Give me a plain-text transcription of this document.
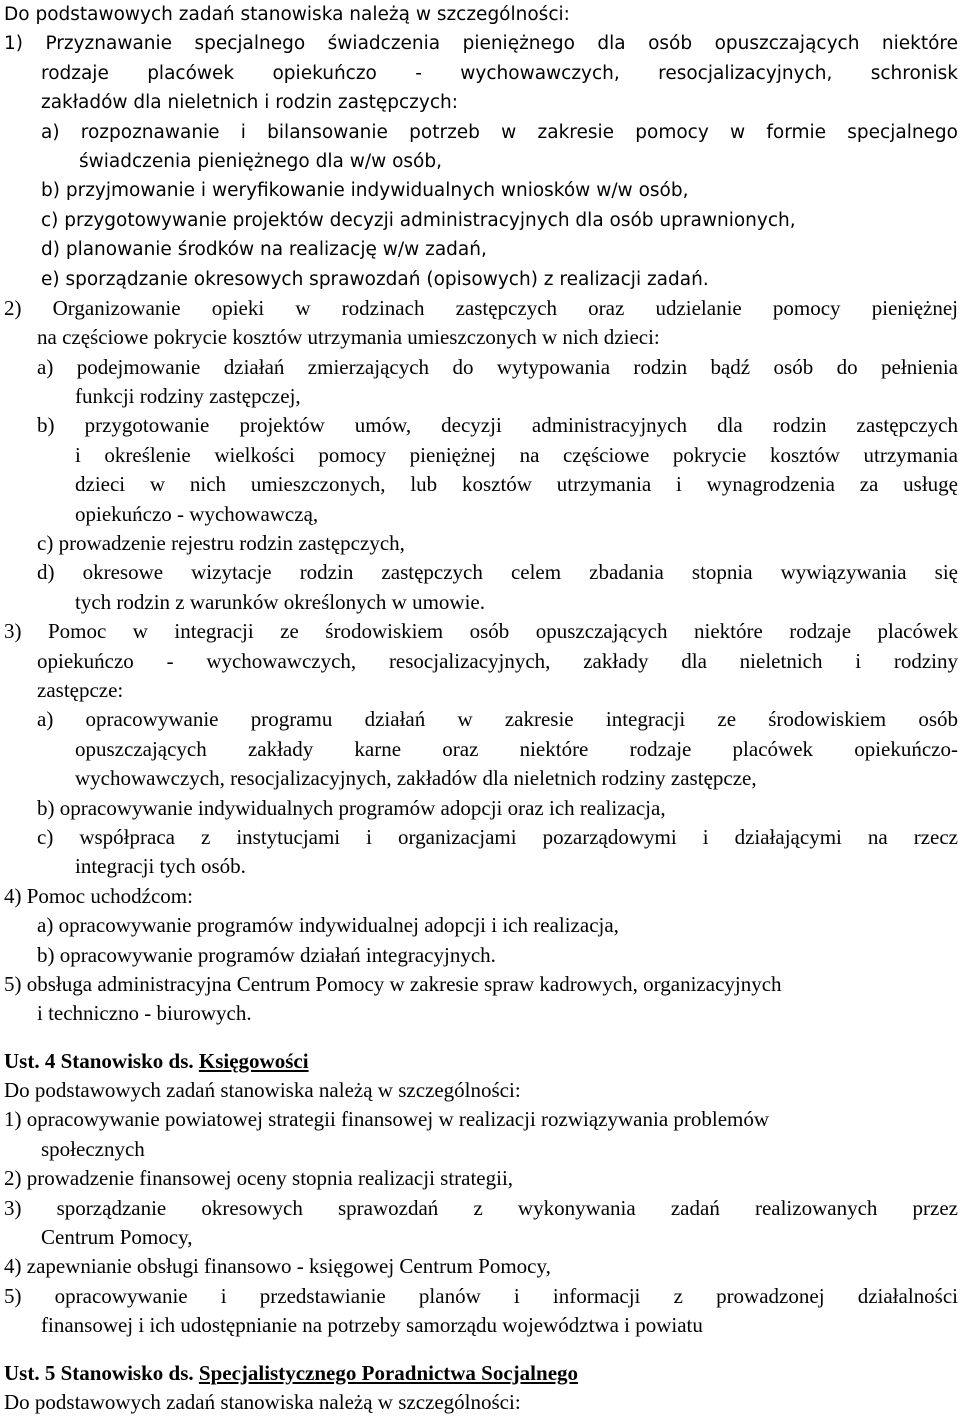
Do podstawowych zadań stanowiska należą w szczególności:
1) Przyznawanie specjalnego świadczenia pieniężnego dla osób opuszczających niektóre
rodzaje placówek opiekuńczo - wychowawczych, resocjalizacyjnych, schronisk
zakładów dla nieletnich i rodzin zastępczych:
a) rozpoznawanie i bilansowanie potrzeb w zakresie pomocy w formie specjalnego
świadczenia pieniężnego dla w/w osób,
b) przyjmowanie i weryfikowanie indywidualnych wniosków w/w osób,
c) przygotowywanie projektów decyzji administracyjnych dla osób uprawnionych,
d) planowanie środków na realizację w/w zadań,
e) sporządzanie okresowych sprawozdań (opisowych) z realizacji zadań.
2) Organizowanie opieki w rodzinach zastępczych oraz udzielanie pomocy pieniężnej
na częściowe pokrycie kosztów utrzymania umieszczonych w nich dzieci:
a) podejmowanie działań zmierzających do wytypowania rodzin bądź osób do pełnienia
funkcji rodziny zastępczej,
b) przygotowanie projektów umów, decyzji administracyjnych dla rodzin zastępczych
i określenie wielkości pomocy pieniężnej na częściowe pokrycie kosztów utrzymania
dzieci w nich umieszczonych, lub kosztów utrzymania i wynagrodzenia za usługę
opiekuńczo - wychowawczą,
c) prowadzenie rejestru rodzin zastępczych,
d) okresowe wizytacje rodzin zastępczych celem zbadania stopnia wywiązywania się
tych rodzin z warunków określonych w umowie.
3) Pomoc w integracji ze środowiskiem osób opuszczających niektóre rodzaje placówek
opiekuńczo - wychowawczych, resocjalizacyjnych, zakłady dla nieletnich i rodziny
zastępcze:
a) opracowywanie programu działań w zakresie integracji ze środowiskiem osób
opuszczających zakłady karne oraz niektóre rodzaje placówek opiekuńczo-
wychowawczych, resocjalizacyjnych, zakładów dla nieletnich rodziny zastępcze,
b) opracowywanie indywidualnych programów adopcji oraz ich realizacja,
c) współpraca z instytucjami i organizacjami pozarządowymi i działającymi na rzecz
integracji tych osób.
4) Pomoc uchodźcom:
a) opracowywanie programów indywidualnej adopcji i ich realizacja,
b) opracowywanie programów działań integracyjnych.
5) obsługa administracyjna Centrum Pomocy w zakresie spraw kadrowych, organizacyjnych
i techniczno - biurowych.
Ust. 4 Stanowisko ds. Księgowości
Do podstawowych zadań stanowiska należą w szczególności:
1) opracowywanie powiatowej strategii finansowej w realizacji rozwiązywania problemów
społecznych
2) prowadzenie finansowej oceny stopnia realizacji strategii,
3) sporządzanie okresowych sprawozdań z wykonywania zadań realizowanych przez
Centrum Pomocy,
4) zapewnianie obsługi finansowo - księgowej Centrum Pomocy,
5) opracowywanie i przedstawianie planów i informacji z prowadzonej działalności
finansowej i ich udostępnianie na potrzeby samorządu województwa i powiatu
Ust. 5 Stanowisko ds. Specjalistycznego Poradnictwa Socjalnego
Do podstawowych zadań stanowiska należą w szczególności:
